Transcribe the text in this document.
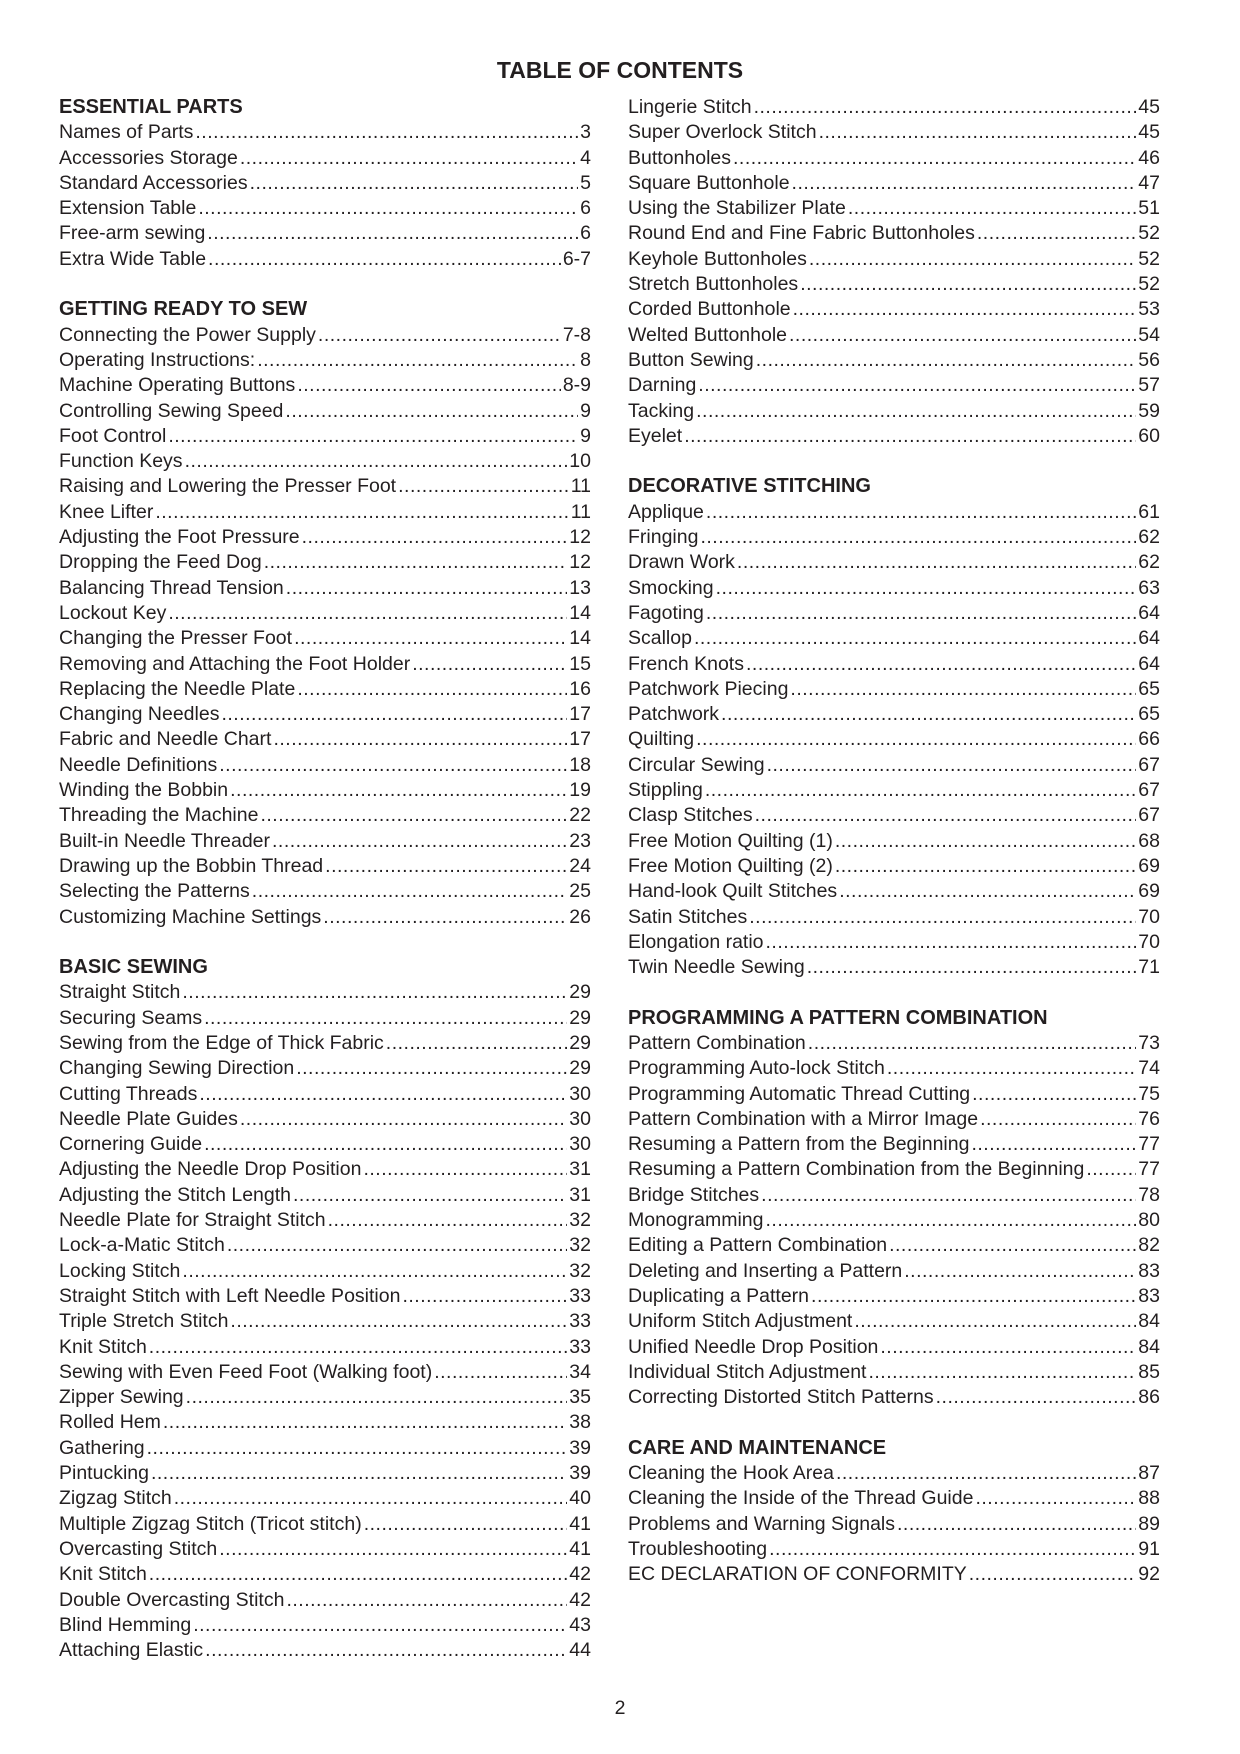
TABLE OF CONTENTS
ESSENTIAL PARTS
Names of Parts .....	3
Accessories Storage .....	4
Standard Accessories .....	5
Extension Table .....	6
Free-arm sewing .....	6
Extra Wide Table .....	6-7
GETTING READY TO SEW
Connecting the Power Supply .....	7-8
Operating Instructions: .....	8
Machine Operating Buttons .....	8-9
Controlling Sewing Speed .....	9
Foot Control .....	9
Function Keys .....	10
Raising and Lowering the Presser Foot .....	11
Knee Lifter .....	11
Adjusting the Foot Pressure .....	12
Dropping the Feed Dog .....	12
Balancing Thread Tension .....	13
Lockout Key .....	14
Changing the Presser Foot .....	14
Removing and Attaching the Foot Holder .....	15
Replacing the Needle Plate .....	16
Changing Needles .....	17
Fabric and Needle Chart .....	17
Needle Definitions .....	18
Winding the Bobbin .....	19
Threading the Machine .....	22
Built-in Needle Threader .....	23
Drawing up the Bobbin Thread .....	24
Selecting the Patterns .....	25
Customizing Machine Settings .....	26
BASIC SEWING
Straight Stitch .....	29
Securing Seams .....	29
Sewing from the Edge of Thick Fabric .....	29
Changing Sewing Direction .....	29
Cutting Threads .....	30
Needle Plate Guides .....	30
Cornering Guide .....	30
Adjusting the Needle Drop Position .....	31
Adjusting the Stitch Length .....	31
Needle Plate for Straight Stitch .....	32
Lock-a-Matic Stitch .....	32
Locking Stitch .....	32
Straight Stitch with Left Needle Position .....	33
Triple Stretch Stitch .....	33
Knit Stitch .....	33
Sewing with Even Feed Foot (Walking foot) .....	34
Zipper Sewing .....	35
Rolled Hem .....	38
Gathering .....	39
Pintucking .....	39
Zigzag Stitch .....	40
Multiple Zigzag Stitch (Tricot stitch) .....	41
Overcasting Stitch .....	41
Knit Stitch .....	42
Double Overcasting Stitch .....	42
Blind Hemming .....	43
Attaching Elastic .....	44
Lingerie Stitch .....	45
Super Overlock Stitch .....	45
Buttonholes .....	46
Square Buttonhole .....	47
Using the Stabilizer Plate .....	51
Round End and Fine Fabric Buttonholes .....	52
Keyhole Buttonholes .....	52
Stretch Buttonholes .....	52
Corded Buttonhole .....	53
Welted Buttonhole .....	54
Button Sewing .....	56
Darning .....	57
Tacking .....	59
Eyelet .....	60
DECORATIVE STITCHING
Applique .....	61
Fringing .....	62
Drawn Work .....	62
Smocking .....	63
Fagoting .....	64
Scallop .....	64
French Knots .....	64
Patchwork Piecing .....	65
Patchwork .....	65
Quilting .....	66
Circular Sewing .....	67
Stippling .....	67
Clasp Stitches .....	67
Free Motion Quilting (1) .....	68
Free Motion Quilting (2) .....	69
Hand-look Quilt Stitches .....	69
Satin Stitches .....	70
Elongation ratio .....	70
Twin Needle Sewing .....	71
PROGRAMMING A PATTERN COMBINATION
Pattern Combination .....	73
Programming Auto-lock Stitch .....	74
Programming Automatic Thread Cutting .....	75
Pattern Combination with a Mirror Image .....	76
Resuming a Pattern from the Beginning .....	77
Resuming a Pattern Combination from the Beginning .....	77
Bridge Stitches .....	78
Monogramming .....	80
Editing a Pattern Combination .....	82
Deleting and Inserting a Pattern .....	83
Duplicating a Pattern .....	83
Uniform Stitch Adjustment .....	84
Unified Needle Drop Position .....	84
Individual Stitch Adjustment .....	85
Correcting Distorted Stitch Patterns .....	86
CARE AND MAINTENANCE
Cleaning the Hook Area .....	87
Cleaning the Inside of the Thread Guide .....	88
Problems and Warning Signals .....	89
Troubleshooting .....	91
EC DECLARATION OF CONFORMITY .....	92
2
